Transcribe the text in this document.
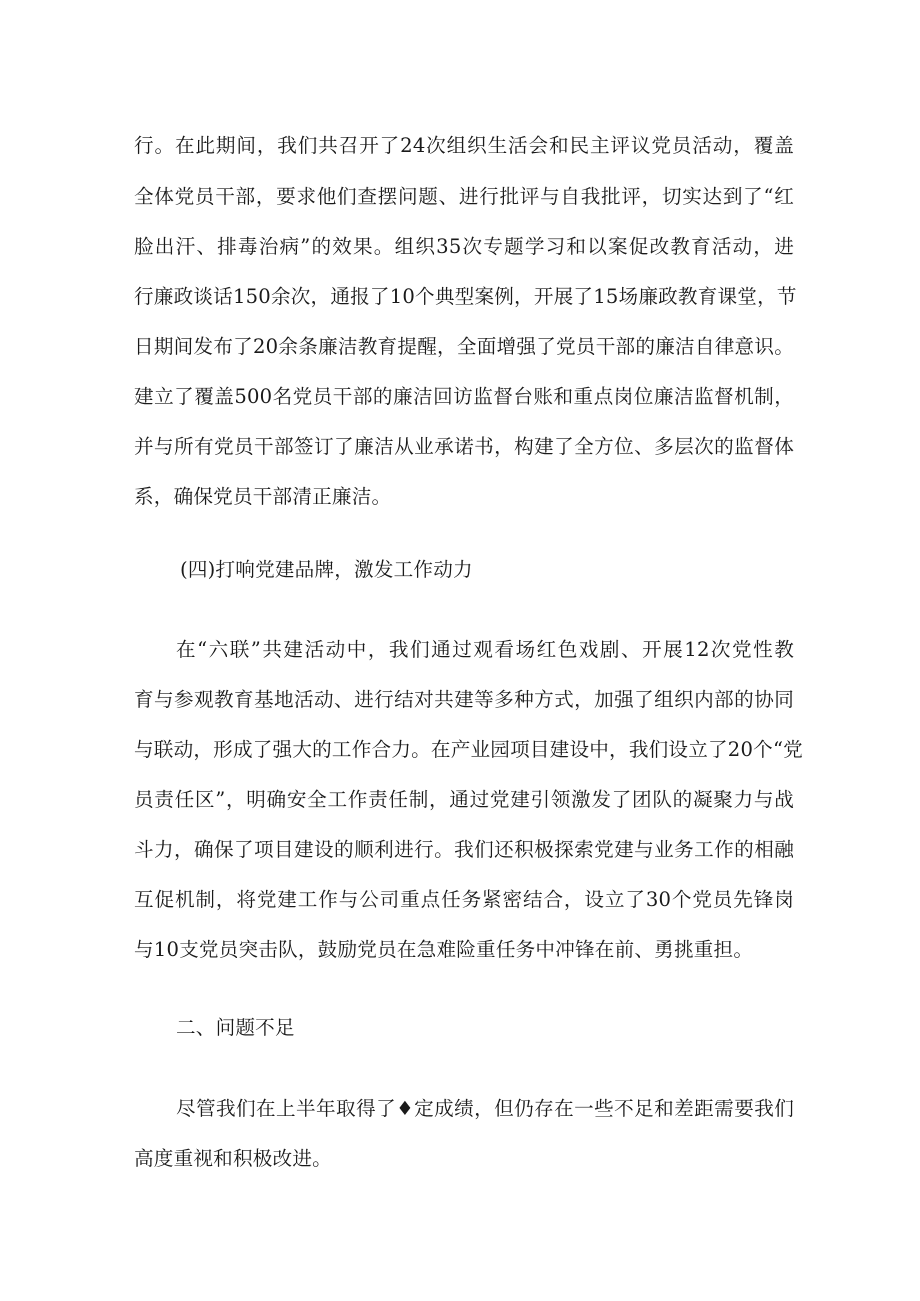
行。在此期间，我们共召开了24次组织生活会和民主评议党员活动，覆盖
全体党员干部，要求他们查摆问题、进行批评与自我批评，切实达到了“红
脸出汗、排毒治病”的效果。组织35次专题学习和以案促改教育活动，进
行廉政谈话150余次，通报了10个典型案例，开展了15场廉政教育课堂，节
日期间发布了20余条廉洁教育提醒，全面增强了党员干部的廉洁自律意识。
建立了覆盖500名党员干部的廉洁回访监督台账和重点岗位廉洁监督机制，
并与所有党员干部签订了廉洁从业承诺书，构建了全方位、多层次的监督体
系，确保党员干部清正廉洁。
(四)打响党建品牌，激发工作动力
在“六联”共建活动中，我们通过观看场红色戏剧、开展12次党性教
育与参观教育基地活动、进行结对共建等多种方式，加强了组织内部的协同
与联动，形成了强大的工作合力。在产业园项目建设中，我们设立了20个“党
员责任区”，明确安全工作责任制，通过党建引领激发了团队的凝聚力与战
斗力，确保了项目建设的顺利进行。我们还积极探索党建与业务工作的相融
互促机制，将党建工作与公司重点任务紧密结合，设立了30个党员先锋岗
与10支党员突击队，鼓励党员在急难险重任务中冲锋在前、勇挑重担。
二、问题不足
尽管我们在上半年取得了♦定成绩，但仍存在一些不足和差距需要我们
高度重视和积极改进。
